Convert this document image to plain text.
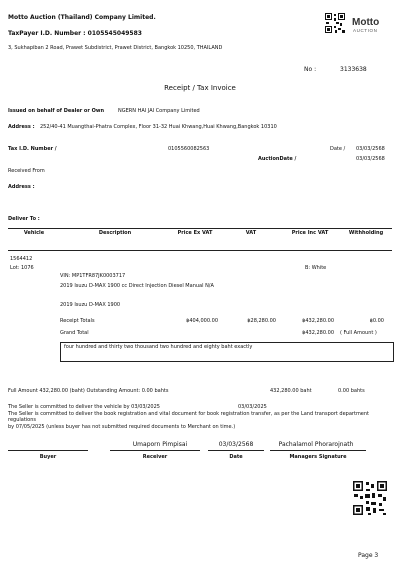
Motto Auction (Thailand) Company Limited.
TaxPayer I.D. Number : 0105545049583
3, Sukhapiban 2 Road, Prawet Subdistrict, Prawet District, Bangkok 10250, THAILAND
Motto
AUCTION
No :	3133638
Receipt / Tax Invoice
Issued on behalf of Dealer or Own	NGERN HAI JAI Company Limited
Address : 252/40-41 Muangthai-Phatra Complex, Floor 31-32 Huai Khwang,Huai Khwang,Bangkok 10310
Tax I.D. Number /	0105560082563	Date / 03/03/2568
AuctionDate /	03/03/2568
Received From
Address :
Deliver To :
Vehicle	Description	Price Ex VAT	VAT	Price Inc VAT	Withholding
1564412
Lot: 1076
VIN: MP1TFR87JK0003717
B: White
2019 Isuzu D-MAX 1900 cc Direct Injection Diesel Manual N/A
2019 Isuzu D-MAX 1900
Receipt Totals	฿404,000.00	฿28,280.00	฿432,280.00	฿0.00
Grand Total	฿432,280.00 ( Full Amount )
four hundred and thirty two thousand two hundred and eighty baht exactly
Full Amount 432,280.00 (baht) Outstanding Amount: 0.00 bahts	432,280.00 baht	0.00 bahts
The Seller is committed to deliver the vehicle by 03/03/2025	03/03/2025
The Seller is committed to deliver the book registration and vital document for book registration transfer, as per the Land transport department regulations
by 07/05/2025 (unless buyer has not submitted required documents to Merchant on time.)
Umaporn Pimpisai	03/03/2568	Pachalamol Phorarojnath
Buyer	Receiver	Date	Managers Signature
Page 3
